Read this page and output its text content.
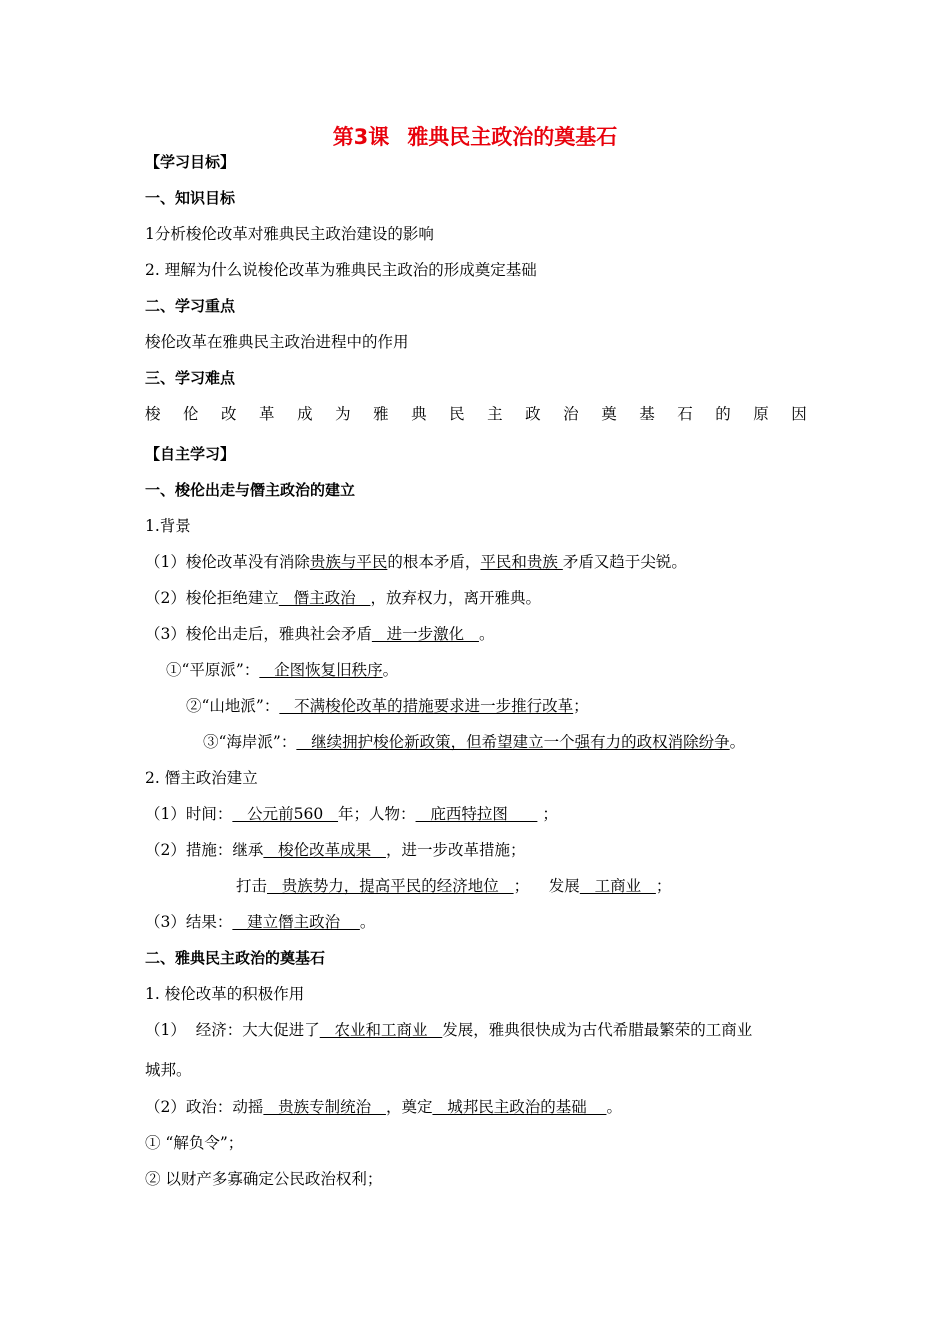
第3课 雅典民主政治的奠基石
【学习目标】
一、知识目标
1分析梭伦改革对雅典民主政治建设的影响
2. 理解为什么说梭伦改革为雅典民主政治的形成奠定基础
二、学习重点
梭伦改革在雅典民主政治进程中的作用
三、学习难点
梭 伦 改 革 成 为 雅 典 民 主 政 治 奠 基 石 的 原 因
【自主学习】
一、梭伦出走与僭主政治的建立
1.背景
（1）梭伦改革没有消除贵族与平民的根本矛盾，平民和贵族 矛盾又趋于尖锐。
（2）梭伦拒绝建立   僭主政治   ，放弃权力，离开雅典。
（3）梭伦出走后，雅典社会矛盾   进一步激化   。
①“平原派”：   企图恢复旧秩序。
②“山地派”：   不满梭伦改革的措施要求进一步推行改革；
③“海岸派”：   继续拥护梭伦新政策，但希望建立一个强有力的政权消除纷争。
2. 僭主政治建立
（1）时间：   公元前560   年；人物：   庇西特拉图       ；
（2）措施：继承   梭伦改革成果   ，进一步改革措施；
打击   贵族势力，提高平民的经济地位   ；    发展   工商业   ；
（3）结果：   建立僭主政治    。
二、雅典民主政治的奠基石
1. 梭伦改革的积极作用
（1）  经济：大大促进了   农业和工商业   发展，雅典很快成为古代希腊最繁荣的工商业
城邦。
（2）政治：动摇   贵族专制统治   ，奠定   城邦民主政治的基础    。
① “解负令”；
② 以财产多寡确定公民政治权利；
